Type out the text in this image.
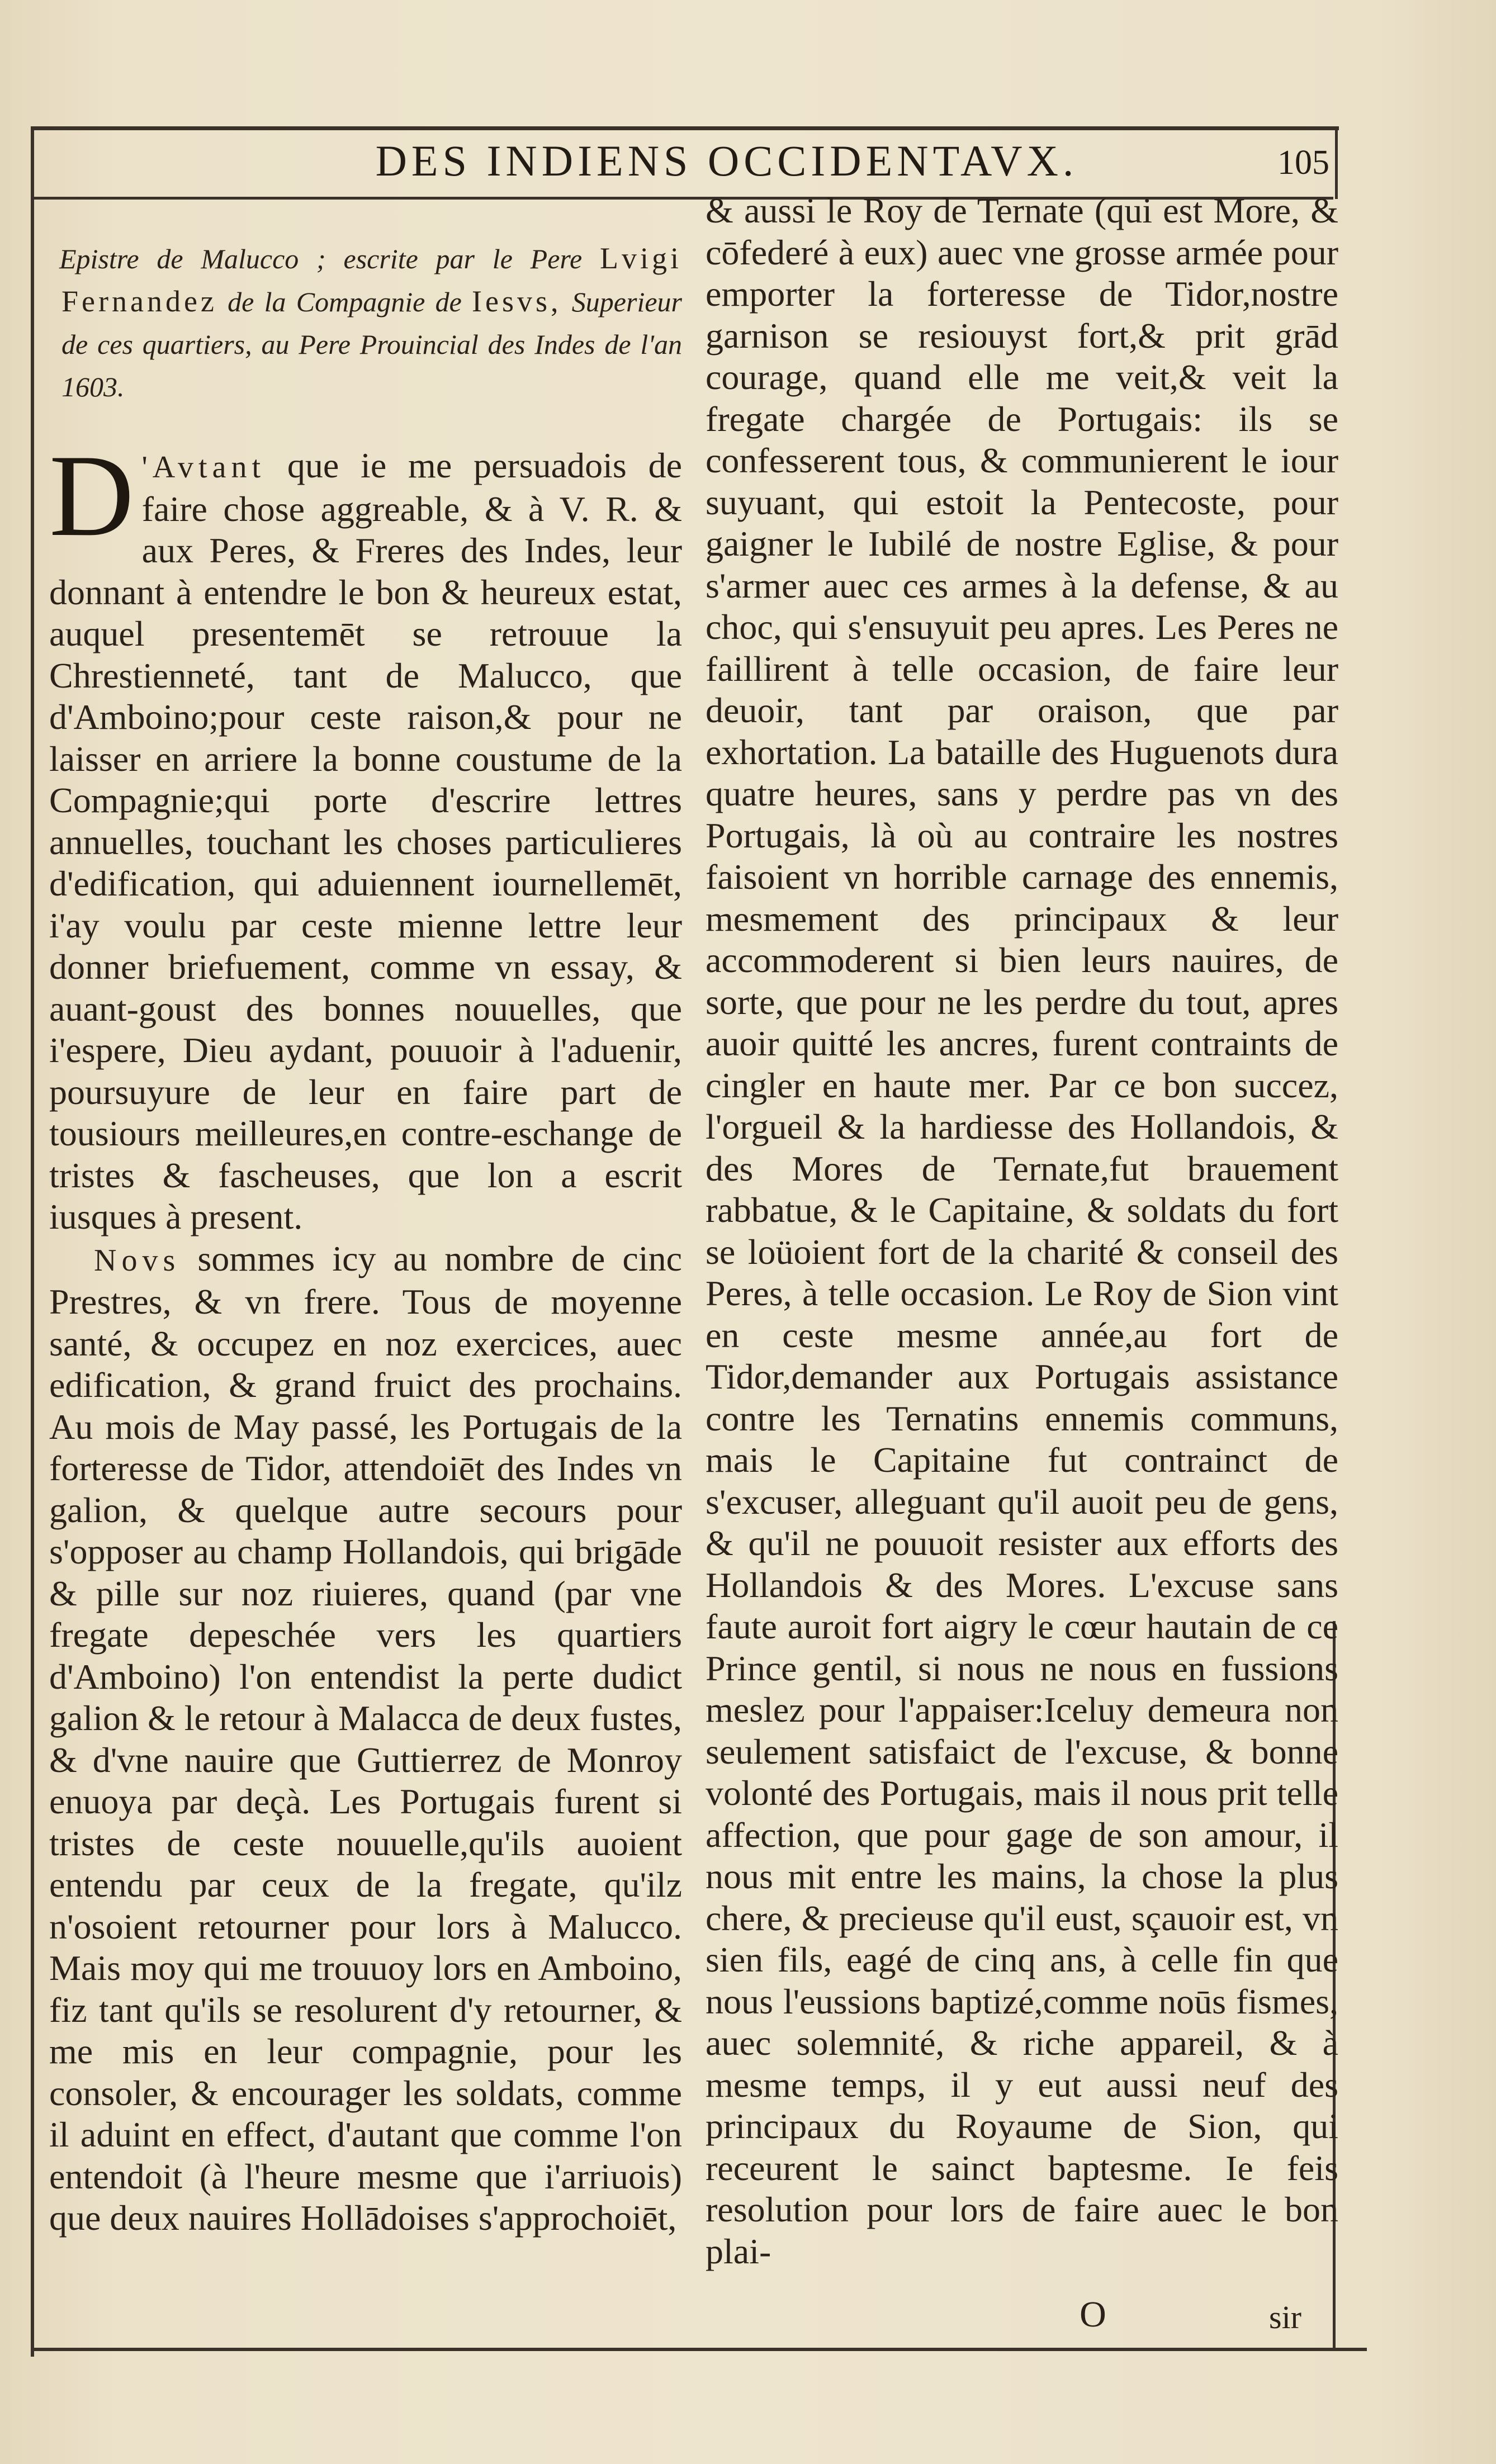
DES INDIENS OCCIDENTAVX.	105
Epistre de Malucco ; escrite par le Pere Lvigi Fernandez de la Compagnie de Iesvs, Superieur de ces quartiers, au Pere Prouincial des Indes de l'an 1603.

D 'Avtant que ie me persuadois de faire chose aggreable, & à V. R. & aux Peres, & Freres des Indes, leur donnant à entendre le bon & heureux estat, auquel presentemēt se retrouue la Chrestienneté, tant de Malucco, que d'Amboino;pour ceste raison,& pour ne laisser en arriere la bonne coustume de la Compagnie;qui porte d'escrire lettres annuelles, touchant les choses particulieres d'edification, qui aduiennent iournellemēt, i'ay voulu par ceste mienne lettre leur donner briefuement, comme vn essay, & auant-goust des bonnes nouuelles, que i'espere, Dieu aydant, pouuoir à l'aduenir, poursuyure de leur en faire part de tousiours meilleures,en contre-eschange de tristes & fascheuses, que lon a escrit iusques à present.

Novs sommes icy au nombre de cinc Prestres, & vn frere. Tous de moyenne santé, & occupez en noz exercices, auec edification, & grand fruict des prochains. Au mois de May passé, les Portugais de la forteresse de Tidor, attendoiēt des Indes vn galion, & quelque autre secours pour s'opposer au champ Hollandois, qui brigāde & pille sur noz riuieres, quand (par vne fregate depeschée vers les quartiers d'Amboino) l'on entendist la perte dudict galion & le retour à Malacca de deux fustes, & d'vne nauire que Guttierrez de Monroy enuoya par deçà. Les Portugais furent si tristes de ceste nouuelle,qu'ils auoient entendu par ceux de la fregate, qu'ilz n'osoient retourner pour lors à Malucco. Mais moy qui me trouuoy lors en Amboino, fiz tant qu'ils se resolurent d'y retourner, & me mis en leur compagnie, pour les consoler, & encourager les soldats, comme il aduint en effect, d'autant que comme l'on entendoit (à l'heure mesme que i'arriuois) que deux nauires Hollādoises s'approchoiēt,

& aussi le Roy de Ternate (qui est More, & cōfederé à eux) auec vne grosse armée pour emporter la forteresse de Tidor,nostre garnison se resiouyst fort,& prit grād courage, quand elle me veit,& veit la fregate chargée de Portugais: ils se confesserent tous, & communierent le iour suyuant, qui estoit la Pentecoste, pour gaigner le Iubilé de nostre Eglise, & pour s'armer auec ces armes à la defense, & au choc, qui s'ensuyuit peu apres. Les Peres ne faillirent à telle occasion, de faire leur deuoir, tant par oraison, que par exhortation. La bataille des Huguenots dura quatre heures, sans y perdre pas vn des Portugais, là où au contraire les nostres faisoient vn horrible carnage des ennemis, mesmement des principaux & leur accommoderent si bien leurs nauires, de sorte, que pour ne les perdre du tout, apres auoir quitté les ancres, furent contraints de cingler en haute mer. Par ce bon succez, l'orgueil & la hardiesse des Hollandois, & des Mores de Ternate,fut brauement rabbatue, & le Capitaine, & soldats du fort se loüoient fort de la charité & conseil des Peres, à telle occasion. Le Roy de Sion vint en ceste mesme année,au fort de Tidor,demander aux Portugais assistance contre les Ternatins ennemis communs, mais le Capitaine fut contrainct de s'excuser, alleguant qu'il auoit peu de gens, & qu'il ne pouuoit resister aux efforts des Hollandois & des Mores. L'excuse sans faute auroit fort aigry le cœur hautain de ce Prince gentil, si nous ne nous en fussions meslez pour l'appaiser:Iceluy demeura non seulement satisfaict de l'excuse, & bonne volonté des Portugais, mais il nous prit telle affection, que pour gage de son amour, il nous mit entre les mains, la chose la plus chere, & precieuse qu'il eust, sçauoir est, vn sien fils, eagé de cinq ans, à celle fin que nous l'eussions baptizé,comme noūs fismes, auec solemnité, & riche appareil, & à mesme temps, il y eut aussi neuf des principaux du Royaume de Sion, qui receurent le sainct baptesme. Ie feis resolution pour lors de faire auec le bon plai-

O	sir
